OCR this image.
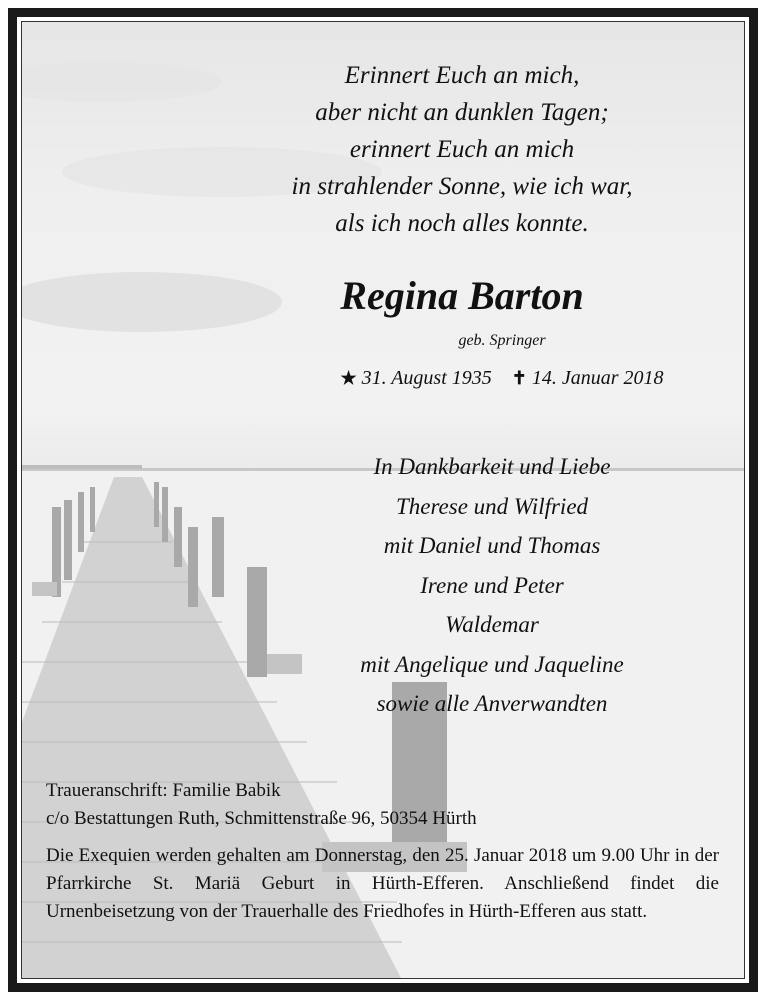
Erinnert Euch an mich,
aber nicht an dunklen Tagen;
erinnert Euch an mich
in strahlender Sonne, wie ich war,
als ich noch alles konnte.
Regina Barton
geb. Springer
★ 31. August 1935 ✝ 14. Januar 2018
In Dankbarkeit und Liebe
Therese und Wilfried
mit Daniel und Thomas
Irene und Peter
Waldemar
mit Angelique und Jaqueline
sowie alle Anverwandten
Traueranschrift: Familie Babik
c/o Bestattungen Ruth, Schmittenstraße 96, 50354 Hürth
Die Exequien werden gehalten am Donnerstag, den 25. Januar 2018 um 9.00 Uhr in der Pfarrkirche St. Mariä Geburt in Hürth-Efferen. Anschließend findet die Urnenbeisetzung von der Trauerhalle des Friedhofes in Hürth-Efferen aus statt.
